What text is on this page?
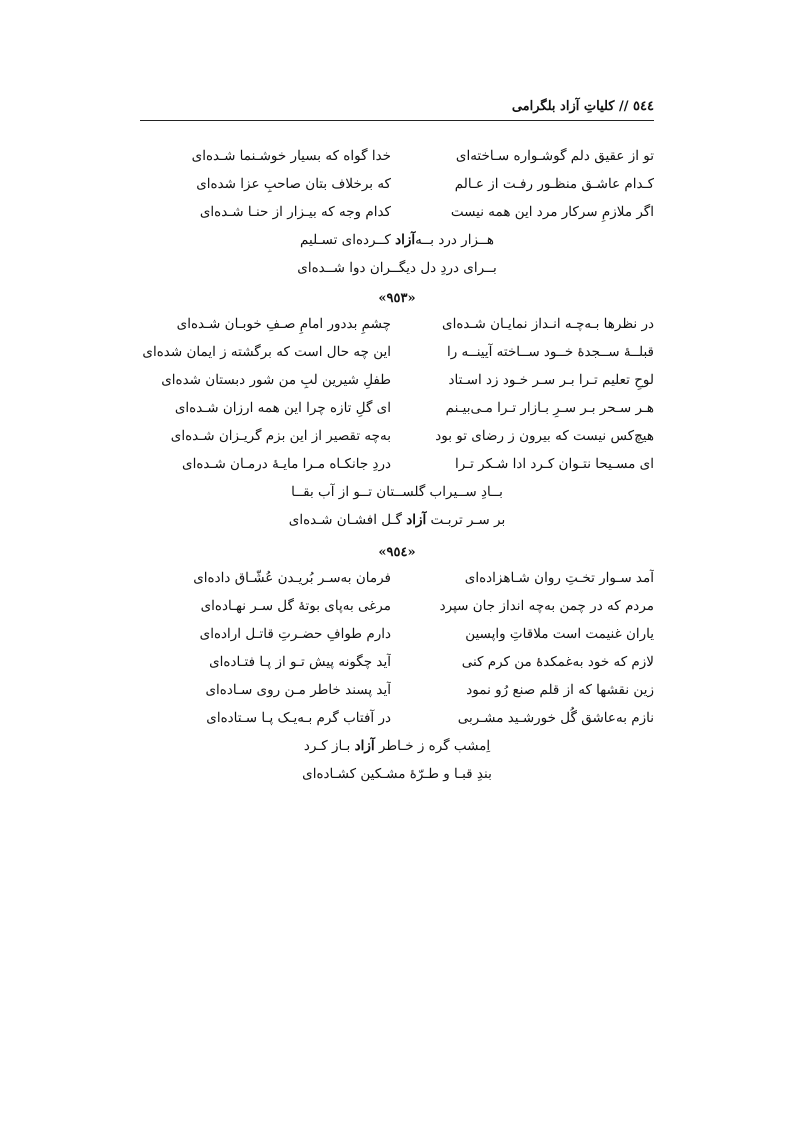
٥٤٤ // کلیاتِ آزاد بلگرامی
تو از عقیق دلم گوشـواره سـاخته‌ای
خدا گواه که بسیار خوشـنما شـده‌ای
کـدام عاشـق منظـور رفـت از عـالم
که برخلاف بتان صاحبِ عزا شده‌ای
اگر ملازمِ سرکار مرد این همه نیست
کدام وجه که بیـزار از حنـا شـده‌ای
هــزار درد بــه‌آزاد کــرده‌ای تسـلیم
بــرای دردِ دل دیگــران دوا شــده‌ای
«٩٥٣»
در نظرها بـه‌چـه انـداز نمایـان شـده‌ای
چشمِ بددور امامِ صـفِ خوبـان شـده‌ای
قبلــهٔ ســجدهٔ خــود ســاخته آیینــه را
این چه حال است که برگشته ز ایمان شده‌ای
لوحِ تعلیم تـرا بـر سـر خـود زد اسـتاد
طفلِ شیرین لبِ من شور دبستان شده‌ای
هـر سـحر بـر سـرِ بـازار تـرا مـی‌بیـنم
ای گلِ تازه چرا این همه ارزان شـده‌ای
هیچ‌کس نیست که بیرون ز رضای تو بود
به‌چه تقصیر از این بزم گریـزان شـده‌ای
ای مسـیحا نتـوان کـرد ادا شـکر تـرا
دردِ جانکـاه مـرا مایـهٔ درمـان شـده‌ای
بــادِ ســیراب گلســتان تــو از آب بقــا
بر سـر تربـت آزاد گـل افشـان شـده‌ای
«٩٥٤»
آمد سـوار تخـتِ روان شـاهزاده‌ای
فرمان به‌سـر بُریـدن عُشّـاق داده‌ای
مردم که در چمن به‌چه انداز جان سپرد
مرغی به‌پای بوتهٔ گل سـر نهـاده‌ای
یاران غنیمت است ملاقاتِ واپسین
دارم طوافِ حضـرتِ قاتـل اراده‌ای
لازم که خود به‌غمکدهٔ من کرم کنی
آید چگونه پیش تـو از پـا فتـاده‌ای
زین نقشها که از قلم صنع رُو نمود
آید پسند خاطر مـن روی سـاده‌ای
نازم به‌عاشق گُل خورشـید مشـربی
در آفتاب گرم بـه‌یـک پـا سـتاده‌ای
اِمشب گره ز خـاطر آزاد بـاز کـرد
بندِ قبـا و طـرّهٔ مشـکین کشـاده‌ای
